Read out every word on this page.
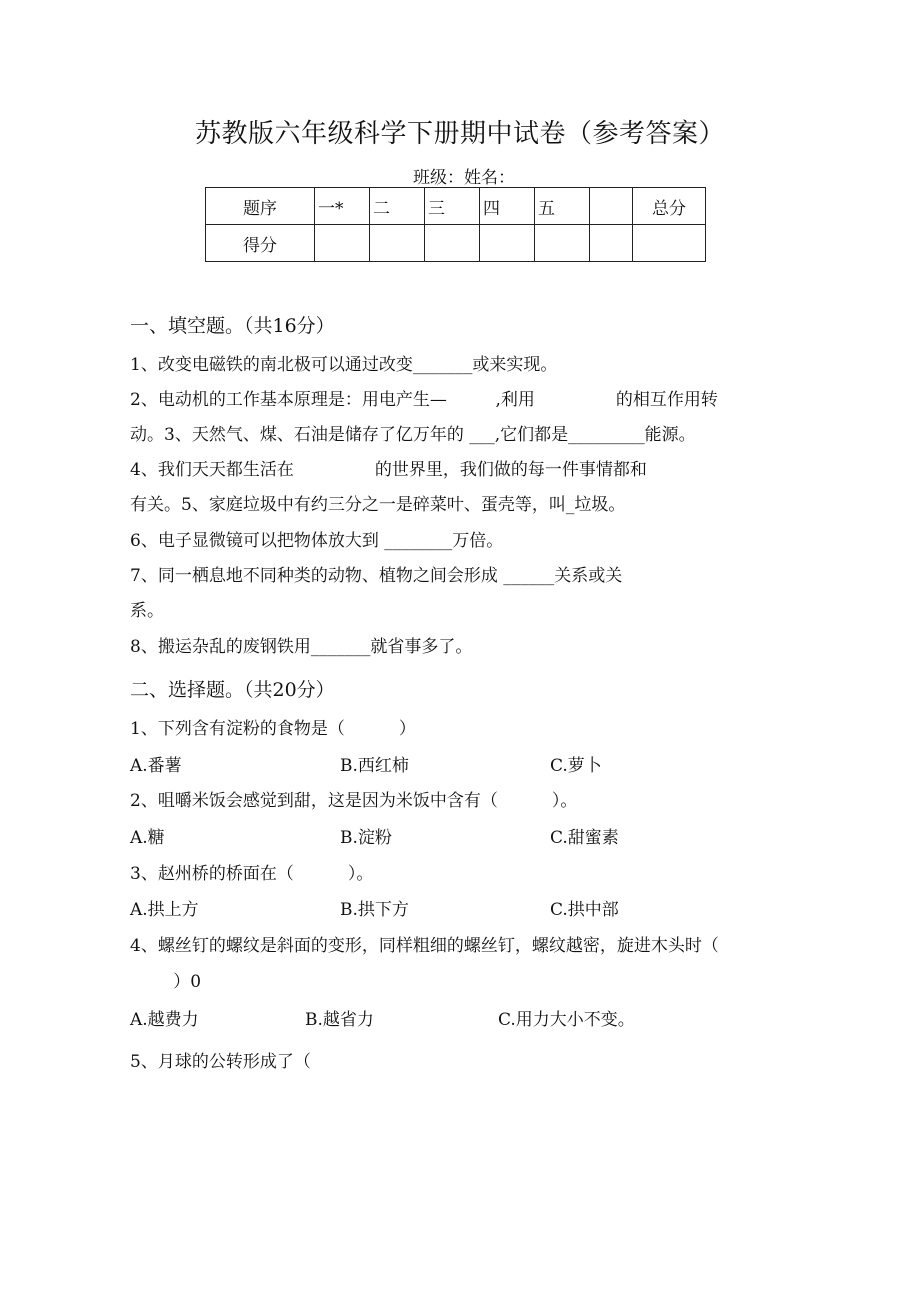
苏教版六年级科学下册期中试卷（参考答案）
班级：姓名：
题序	一*	二	三	四	五		总分
得分							
一、填空题。（共16分）
1、改变电磁铁的南北极可以通过改变_______或来实现。
2、电动机的工作基本原理是：用电产生—         ,利用               的相互作用转
动。3、天然气、煤、石油是储存了亿万年的 ___,它们都是_________能源。
4、我们天天都生活在               的世界里，我们做的每一件事情都和
有关。5、家庭垃圾中有约三分之一是碎菜叶、蛋壳等，叫_垃圾。
6、电子显微镜可以把物体放大到 ________万倍。
7、同一栖息地不同种类的动物、植物之间会形成 ______关系或关
系。
8、搬运杂乱的废钢铁用_______就省事多了。
二、选择题。（共20分）
1、下列含有淀粉的食物是（          ）
A.番薯	B.西红柿	C.萝卜
2、咀嚼米饭会感觉到甜，这是因为米饭中含有（          ）。
A.糖	B.淀粉	C.甜蜜素
3、赵州桥的桥面在（          ）。
A.拱上方	B.拱下方	C.拱中部
4、螺丝钉的螺纹是斜面的变形，同样粗细的螺丝钉，螺纹越密，旋进木头时（
）0
A.越费力	B.越省力	C.用力大小不变。
5、月球的公转形成了（
